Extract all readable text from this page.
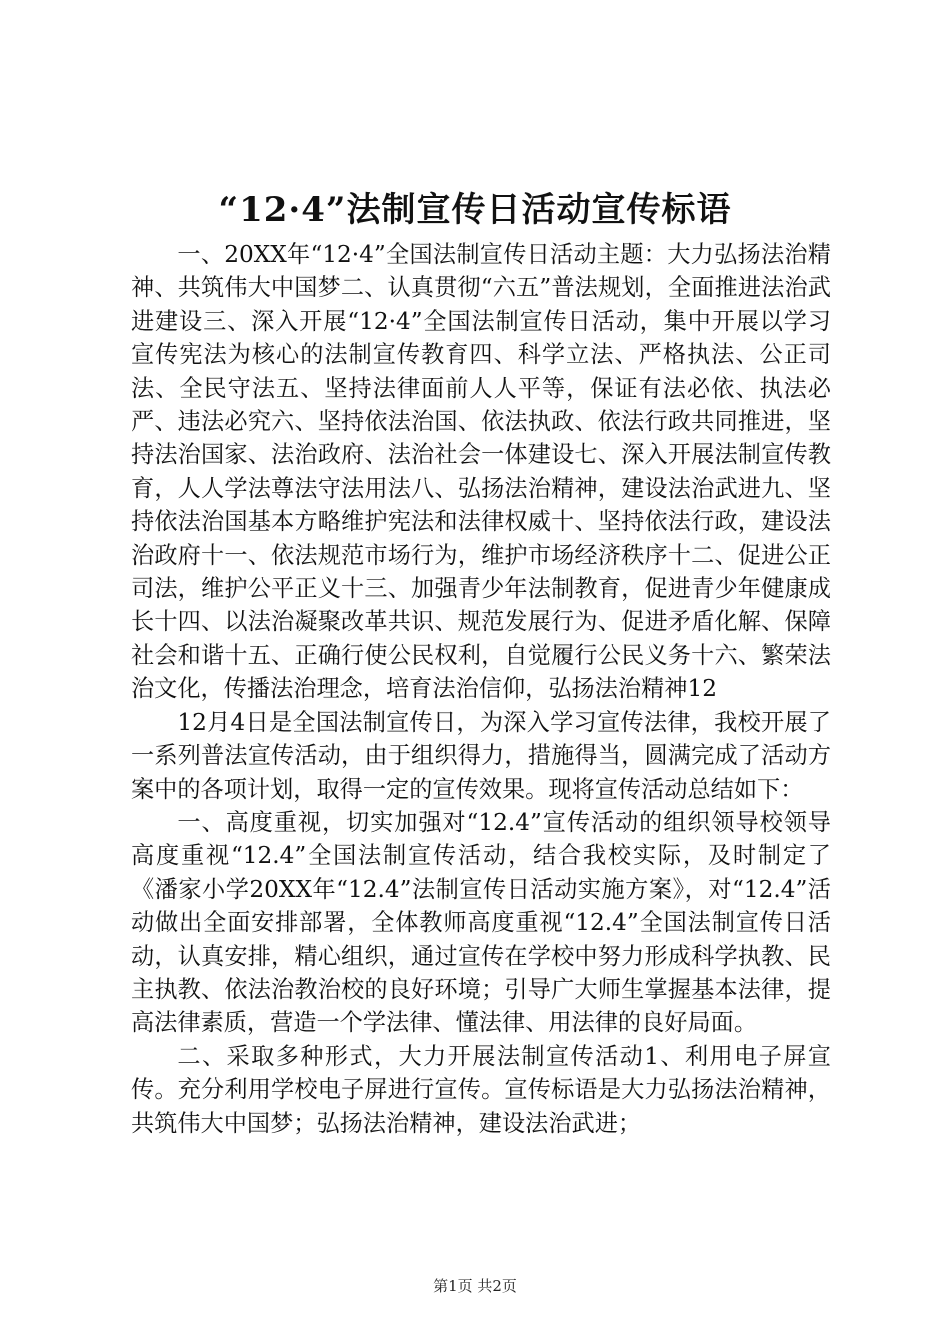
“12·4”法制宣传日活动宣传标语

一、20XX年“12·4”全国法制宣传日活动主题：大力弘扬法治精神、共筑伟大中国梦二、认真贯彻“六五”普法规划，全面推进法治武进建设三、深入开展“12·4”全国法制宣传日活动，集中开展以学习宣传宪法为核心的法制宣传教育四、科学立法、严格执法、公正司法、全民守法五、坚持法律面前人人平等，保证有法必依、执法必严、违法必究六、坚持依法治国、依法执政、依法行政共同推进，坚持法治国家、法治政府、法治社会一体建设七、深入开展法制宣传教育，人人学法尊法守法用法八、弘扬法治精神，建设法治武进九、坚持依法治国基本方略维护宪法和法律权威十、坚持依法行政，建设法治政府十一、依法规范市场行为，维护市场经济秩序十二、促进公正司法，维护公平正义十三、加强青少年法制教育，促进青少年健康成长十四、以法治凝聚改革共识、规范发展行为、促进矛盾化解、保障社会和谐十五、正确行使公民权利，自觉履行公民义务十六、繁荣法治文化，传播法治理念，培育法治信仰，弘扬法治精神12

12月4日是全国法制宣传日，为深入学习宣传法律，我校开展了一系列普法宣传活动，由于组织得力，措施得当，圆满完成了活动方案中的各项计划，取得一定的宣传效果。现将宣传活动总结如下：

一、高度重视，切实加强对“12.4”宣传活动的组织领导校领导高度重视“12.4”全国法制宣传活动，结合我校实际，及时制定了《潘家小学20XX年“12.4”法制宣传日活动实施方案》，对“12.4”活动做出全面安排部署，全体教师高度重视“12.4”全国法制宣传日活动，认真安排，精心组织，通过宣传在学校中努力形成科学执教、民主执教、依法治教治校的良好环境；引导广大师生掌握基本法律，提高法律素质，营造一个学法律、懂法律、用法律的良好局面。

二、采取多种形式，大力开展法制宣传活动1、利用电子屏宣传。充分利用学校电子屏进行宣传。宣传标语是大力弘扬法治精神，共筑伟大中国梦；弘扬法治精神，建设法治武进；

第1页 共2页
